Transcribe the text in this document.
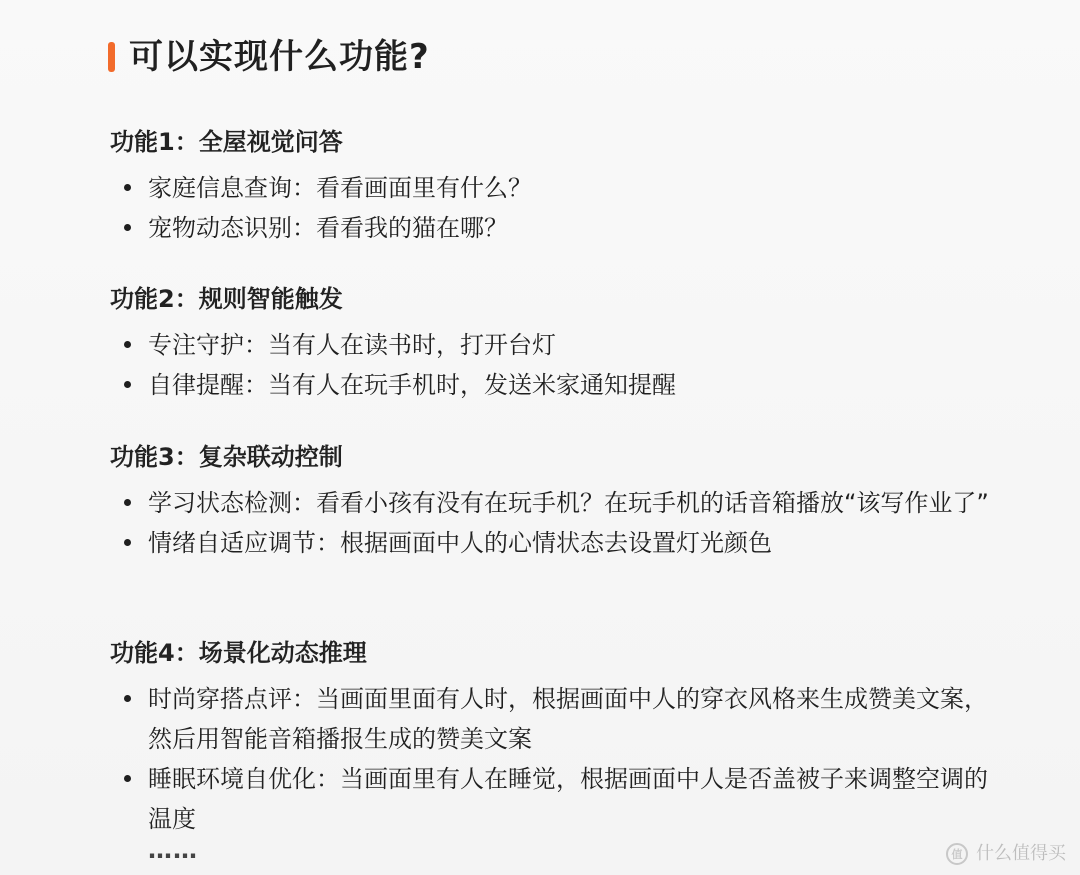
可以实现什么功能?
功能1：全屋视觉问答
家庭信息查询：看看画面里有什么？
宠物动态识别：看看我的猫在哪？
功能2：规则智能触发
专注守护：当有人在读书时，打开台灯
自律提醒：当有人在玩手机时，发送米家通知提醒
功能3：复杂联动控制
学习状态检测：看看小孩有没有在玩手机？在玩手机的话音箱播放“该写作业了”
情绪自适应调节：根据画面中人的心情状态去设置灯光颜色
功能4：场景化动态推理
时尚穿搭点评：当画面里面有人时，根据画面中人的穿衣风格来生成赞美文案，然后用智能音箱播报生成的赞美文案
睡眠环境自优化：当画面里有人在睡觉，根据画面中人是否盖被子来调整空调的温度
……	值 什么值得买
